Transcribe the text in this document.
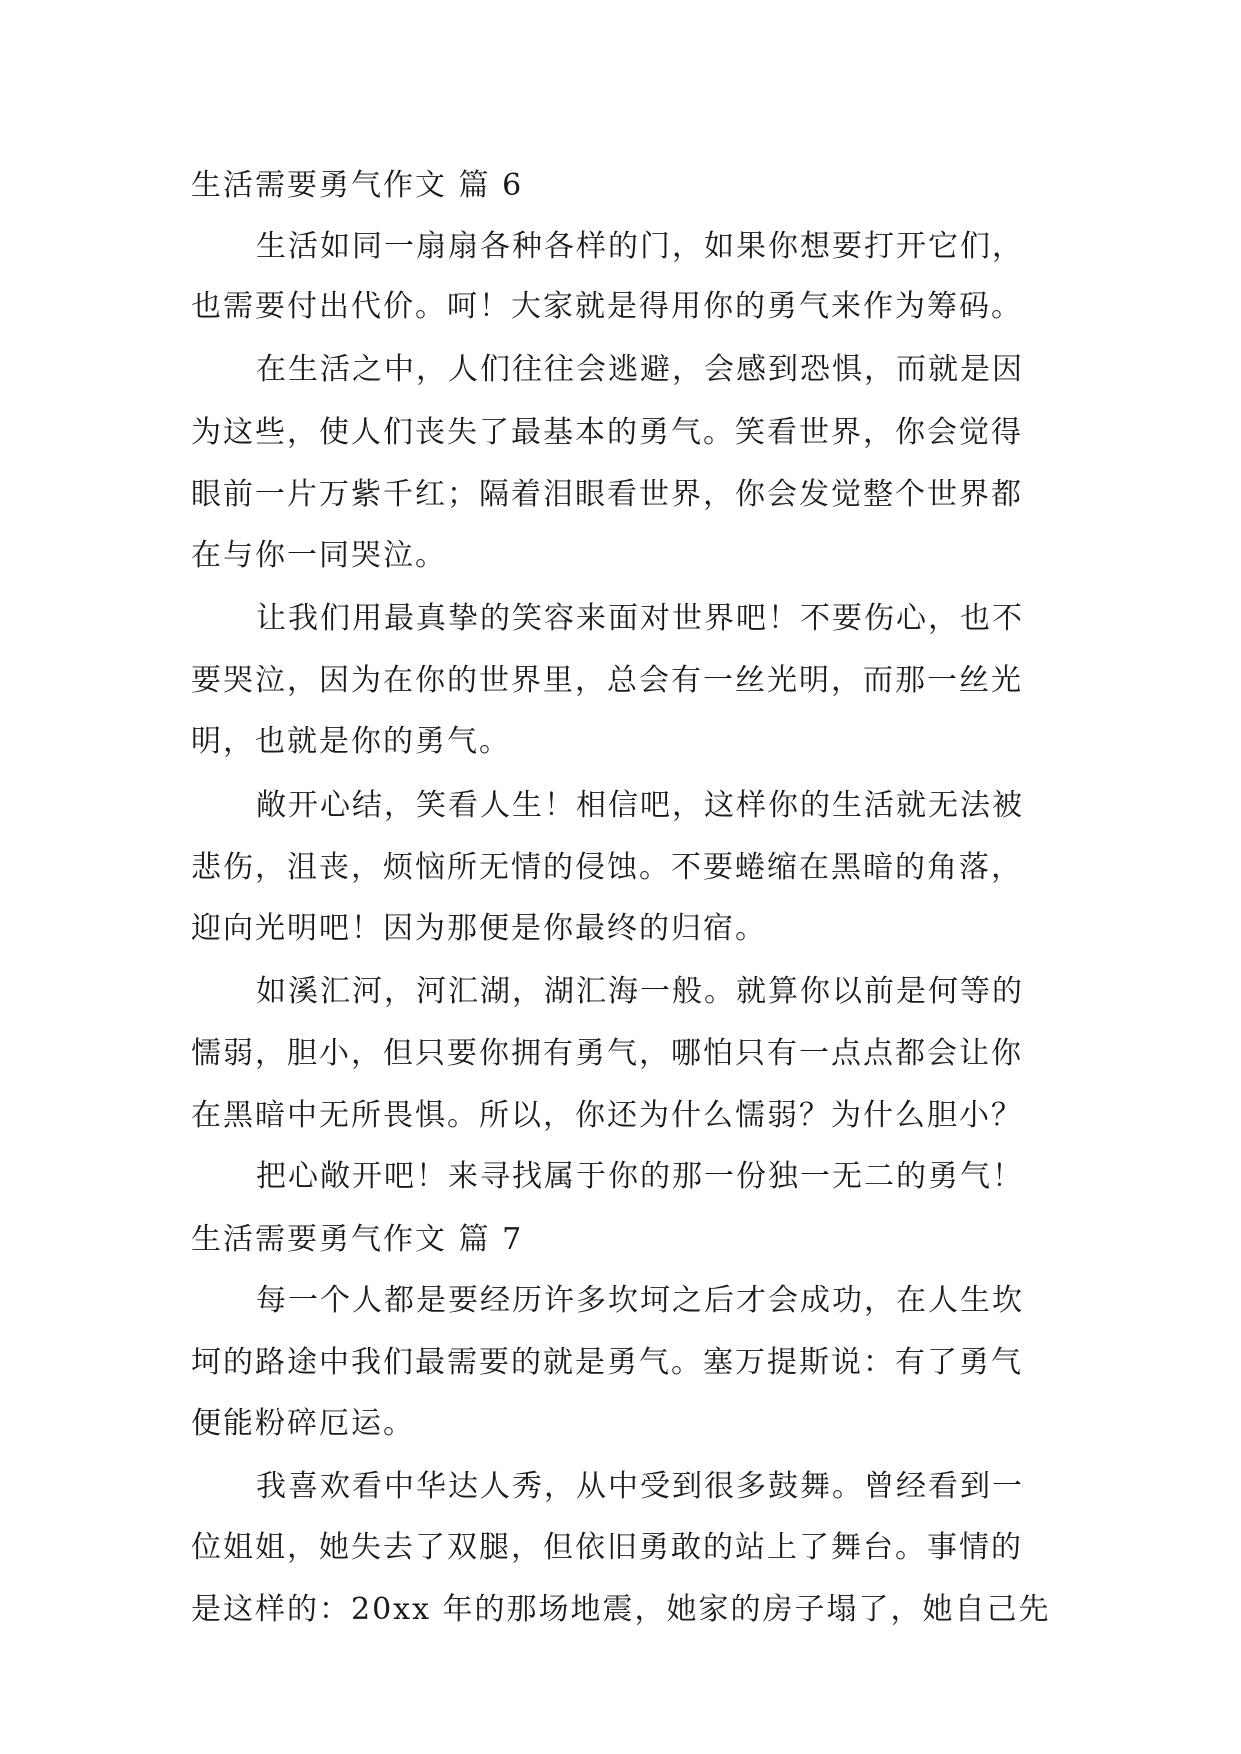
生活需要勇气作文 篇 6
生活如同一扇扇各种各样的门，如果你想要打开它们，
也需要付出代价。呵！大家就是得用你的勇气来作为筹码。
在生活之中，人们往往会逃避，会感到恐惧，而就是因
为这些，使人们丧失了最基本的勇气。笑看世界，你会觉得
眼前一片万紫千红；隔着泪眼看世界，你会发觉整个世界都
在与你一同哭泣。
让我们用最真挚的笑容来面对世界吧！不要伤心，也不
要哭泣，因为在你的世界里，总会有一丝光明，而那一丝光
明，也就是你的勇气。
敞开心结，笑看人生！相信吧，这样你的生活就无法被
悲伤，沮丧，烦恼所无情的侵蚀。不要蜷缩在黑暗的角落，
迎向光明吧！因为那便是你最终的归宿。
如溪汇河，河汇湖，湖汇海一般。就算你以前是何等的
懦弱，胆小，但只要你拥有勇气，哪怕只有一点点都会让你
在黑暗中无所畏惧。所以，你还为什么懦弱？为什么胆小？
把心敞开吧！来寻找属于你的那一份独一无二的勇气！
生活需要勇气作文 篇 7
每一个人都是要经历许多坎坷之后才会成功，在人生坎
坷的路途中我们最需要的就是勇气。塞万提斯说：有了勇气
便能粉碎厄运。
我喜欢看中华达人秀，从中受到很多鼓舞。曾经看到一
位姐姐，她失去了双腿，但依旧勇敢的站上了舞台。事情的
是这样的：20xx 年的那场地震，她家的房子塌了，她自己先
